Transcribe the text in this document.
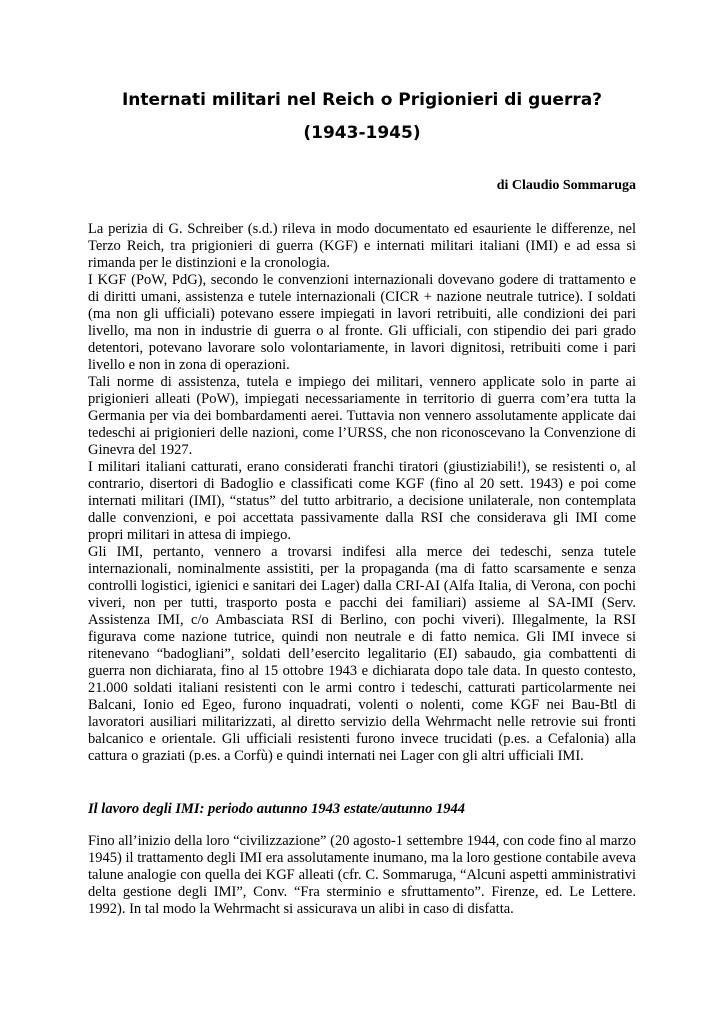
Internati militari nel Reich o Prigionieri di guerra?
(1943-1945)

di Claudio Sommaruga

La perizia di G. Schreiber (s.d.) rileva in modo documentato ed esauriente le differenze, nel Terzo Reich, tra prigionieri di guerra (KGF) e internati militari italiani (IMI) e ad essa si rimanda per le distinzioni e la cronologia.

I KGF (PoW, PdG), secondo le convenzioni internazionali dovevano godere di trattamento e di diritti umani, assistenza e tutele internazionali (CICR + nazione neutrale tutrice). I soldati (ma non gli ufficiali) potevano essere impiegati in lavori retribuiti, alle condizioni dei pari livello, ma non in industrie di guerra o al fronte. Gli ufficiali, con stipendio dei pari grado detentori, potevano lavorare solo volontariamente, in lavori dignitosi, retribuiti come i pari livello e non in zona di operazioni.

Tali norme di assistenza, tutela e impiego dei militari, vennero applicate solo in parte ai prigionieri alleati (PoW), impiegati necessariamente in territorio di guerra com’era tutta la Germania per via dei bombardamenti aerei. Tuttavia non vennero assolutamente applicate dai tedeschi ai prigionieri delle nazioni, come l’URSS, che non riconoscevano la Convenzione di Ginevra del 1927.

I militari italiani catturati, erano considerati franchi tiratori (giustiziabili!), se resistenti o, al contrario, disertori di Badoglio e classificati come KGF (fino al 20 sett. 1943) e poi come internati militari (IMI), “status” del tutto arbitrario, a decisione unilaterale, non contemplata dalle convenzioni, e poi accettata passivamente dalla RSI che considerava gli IMI come propri militari in attesa di impiego.

Gli IMI, pertanto, vennero a trovarsi indifesi alla merce dei tedeschi, senza tutele internazionali, nominalmente assistiti, per la propaganda (ma di fatto scarsamente e senza controlli logistici, igienici e sanitari dei Lager) dalla CRI-AI (Alfa Italia, di Verona, con pochi viveri, non per tutti, trasporto posta e pacchi dei familiari) assieme al SA-IMI (Serv. Assistenza IMI, c/o Ambasciata RSI di Berlino, con pochi viveri). Illegalmente, la RSI figurava come nazione tutrice, quindi non neutrale e di fatto nemica. Gli IMI invece si ritenevano “badogliani”, soldati dell’esercito legalitario (EI) sabaudo, gia combattenti di guerra non dichiarata, fino al 15 ottobre 1943 e dichiarata dopo tale data. In questo contesto, 21.000 soldati italiani resistenti con le armi contro i tedeschi, catturati particolarmente nei Balcani, Ionio ed Egeo, furono inquadrati, volenti o nolenti, come KGF nei Bau-Btl di lavoratori ausiliari militarizzati, al diretto servizio della Wehrmacht nelle retrovie sui fronti balcanico e orientale. Gli ufficiali resistenti furono invece trucidati (p.es. a Cefalonia) alla cattura o graziati (p.es. a Corfù) e quindi internati nei Lager con gli altri ufficiali IMI.

Il lavoro degli IMI: periodo autunno 1943 estate/autunno 1944

Fino all’inizio della loro “civilizzazione” (20 agosto-1 settembre 1944, con code fino al marzo 1945) il trattamento degli IMI era assolutamente inumano, ma la loro gestione contabile aveva talune analogie con quella dei KGF alleati (cfr. C. Sommaruga, “Alcuni aspetti amministrativi delta gestione degli IMI”, Conv. “Fra sterminio e sfruttamento”. Firenze, ed. Le Lettere. 1992). In tal modo la Wehrmacht si assicurava un alibi in caso di disfatta.
